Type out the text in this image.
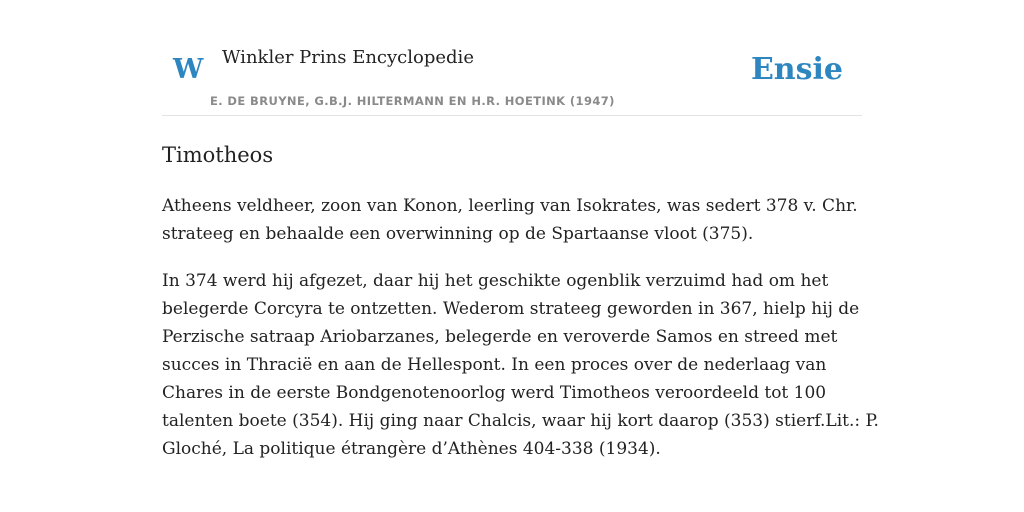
W Winkler Prins Encyclopedie	Ensie
E. DE BRUYNE, G.B.J. HILTERMANN EN H.R. HOETINK (1947)
Timotheos

Atheens veldheer, zoon van Konon, leerling van Isokrates, was sedert 378 v. Chr.
strateeg en behaalde een overwinning op de Spartaanse vloot (375).

In 374 werd hij afgezet, daar hij het geschikte ogenblik verzuimd had om het
belegerde Corcyra te ontzetten. Wederom strateeg geworden in 367, hielp hij de
Perzische satraap Ariobarzanes, belegerde en veroverde Samos en streed met
succes in Thracië en aan de Hellespont. In een proces over de nederlaag van
Chares in de eerste Bondgenotenoorlog werd Timotheos veroordeeld tot 100
talenten boete (354). Hij ging naar Chalcis, waar hij kort daarop (353) stierf.Lit.: P.
Gloché, La politique étrangère d’Athènes 404-338 (1934).
